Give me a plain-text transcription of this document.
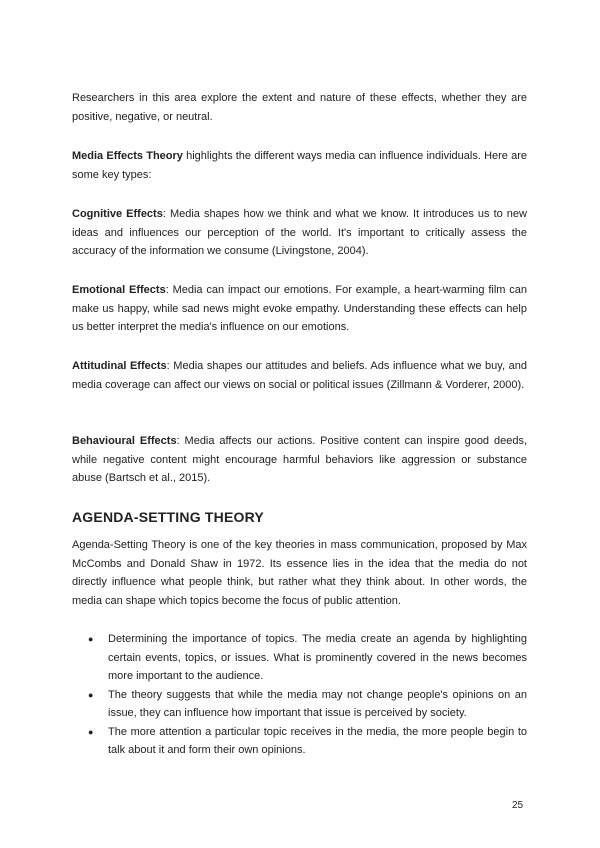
Researchers in this area explore the extent and nature of these effects, whether they are positive, negative, or neutral.

Media Effects Theory highlights the different ways media can influence individuals. Here are some key types:

Cognitive Effects: Media shapes how we think and what we know. It introduces us to new ideas and influences our perception of the world. It's important to critically assess the accuracy of the information we consume (Livingstone, 2004).

Emotional Effects: Media can impact our emotions. For example, a heart-warming film can make us happy, while sad news might evoke empathy. Understanding these effects can help us better interpret the media's influence on our emotions.

Attitudinal Effects: Media shapes our attitudes and beliefs. Ads influence what we buy, and media coverage can affect our views on social or political issues (Zillmann & Vorderer, 2000).

Behavioural Effects: Media affects our actions. Positive content can inspire good deeds, while negative content might encourage harmful behaviors like aggression or substance abuse (Bartsch et al., 2015).

AGENDA-SETTING THEORY

Agenda-Setting Theory is one of the key theories in mass communication, proposed by Max McCombs and Donald Shaw in 1972. Its essence lies in the idea that the media do not directly influence what people think, but rather what they think about. In other words, the media can shape which topics become the focus of public attention.

● Determining the importance of topics. The media create an agenda by highlighting certain events, topics, or issues. What is prominently covered in the news becomes more important to the audience.
● The theory suggests that while the media may not change people's opinions on an issue, they can influence how important that issue is perceived by society.
● The more attention a particular topic receives in the media, the more people begin to talk about it and form their own opinions.
25
